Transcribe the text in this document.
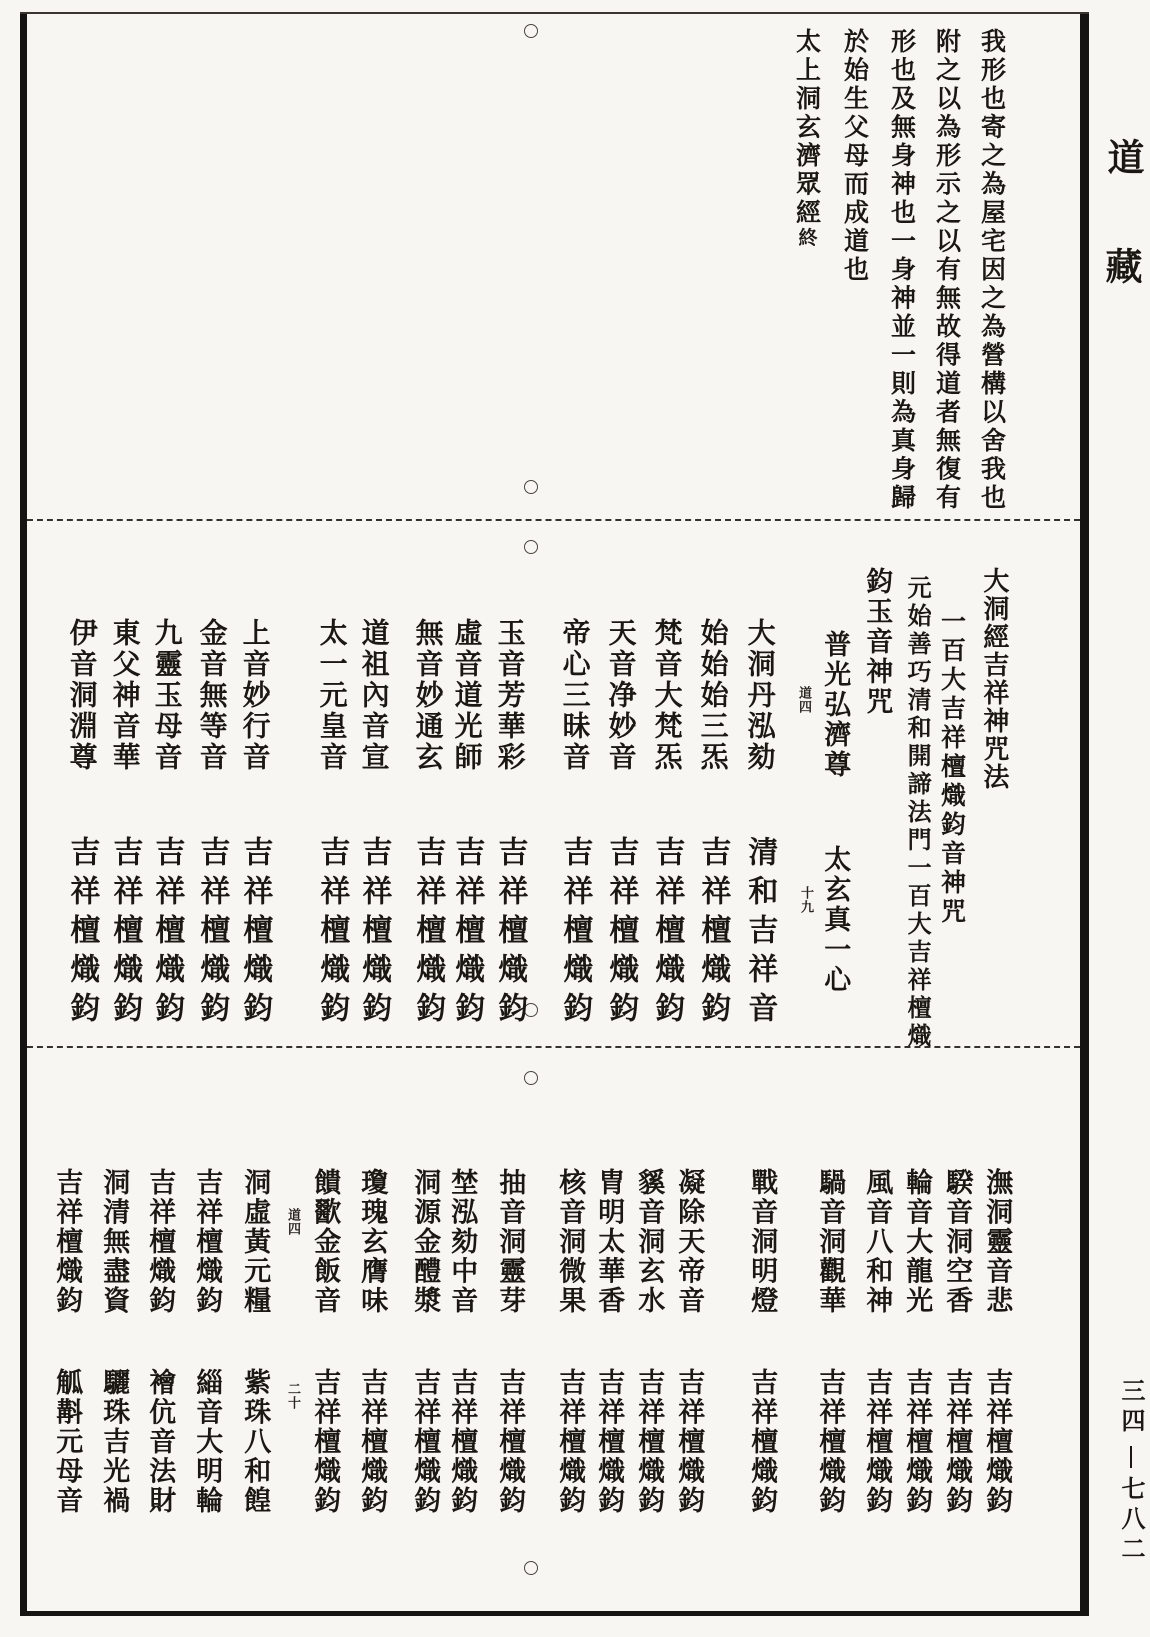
道
藏
三四
七八二
我形也寄之為屋宅因之為營構以舍我也
附之以為形示之以有無故得道者無復有
形也及無身神也一身神並一則為真身歸
於始生父母而成道也
太上洞玄濟眾經終
大洞經吉祥神咒法
一百大吉祥檀熾鈞音神咒
元始善巧清和開諦法門一百大吉祥檀熾
鈞玉音神咒
普光弘濟尊
太玄真一心
道四
十九
大洞丹泓劾
清和吉祥音
始始始三炁
吉祥檀熾鈞
梵音大梵炁
吉祥檀熾鈞
天音净妙音
吉祥檀熾鈞
帝心三昧音
吉祥檀熾鈞
玉音芳華彩
吉祥檀熾鈞
虛音道光師
吉祥檀熾鈞
無音妙通玄
吉祥檀熾鈞
道祖內音宣
吉祥檀熾鈞
太一元皇音
吉祥檀熾鈞
上音妙行音
吉祥檀熾鈞
金音無等音
吉祥檀熾鈞
九靈玉母音
吉祥檀熾鈞
東父神音華
吉祥檀熾鈞
伊音洞淵尊
吉祥檀熾鈞
潕洞靈音悲
吉祥檀熾鈞
騤音洞空香
吉祥檀熾鈞
輪音大龍光
吉祥檀熾鈞
風音八和神
吉祥檀熾鈞
騧音洞觀華
吉祥檀熾鈞
戰音洞明燈
吉祥檀熾鈞
凝除天帝音
吉祥檀熾鈞
貕音洞玄水
吉祥檀熾鈞
胄明太華香
吉祥檀熾鈞
核音洞微果
吉祥檀熾鈞
抽音洞靈芽
吉祥檀熾鈞
埜泓劾中音
吉祥檀熾鈞
洞源金醴漿
吉祥檀熾鈞
瓊瑰玄膺味
吉祥檀熾鈞
饋歠金飯音
吉祥檀熾鈞
道四
二十
洞虛黃元糧
紫珠八和餭
吉祥檀熾鈞
緇音大明輪
吉祥檀熾鈞
襘伉音法財
洞清無盡資
驪珠吉光禍
吉祥檀熾鈞
觚斠元母音
